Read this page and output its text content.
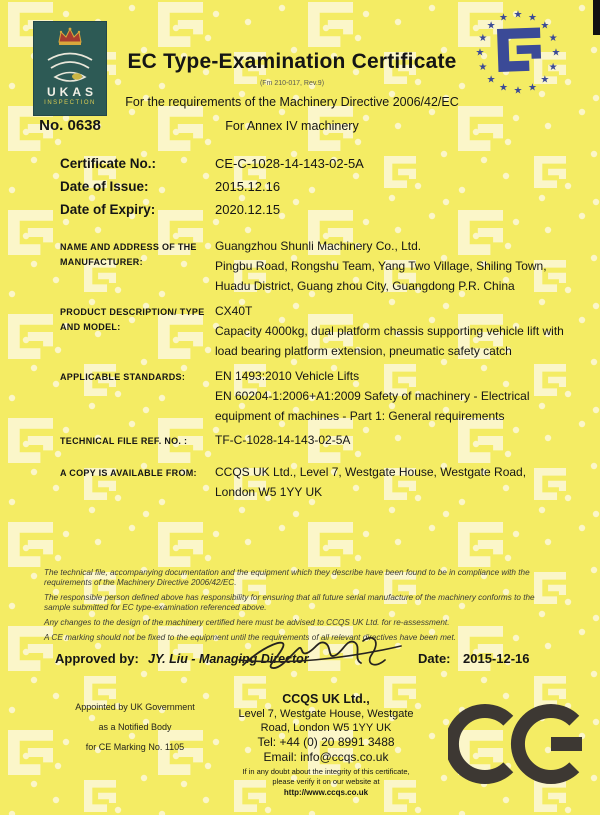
UKAS
INSPECTION
No. 0638
EC Type-Examination Certificate
(Fm 210-017, Rev.9)
For the requirements of the Machinery Directive 2006/42/EC
For Annex IV machinery
★ ★
★
★
★
★
★
★
★
★
★
★
★
★
★
★
Certificate No.:	CE-C-1028-14-143-02-5A
Date of Issue:	2015.12.16
Date of Expiry:	2020.12.15
NAME AND ADDRESS OF THE MANUFACTURER:
Guangzhou Shunli Machinery Co., Ltd.
Pingbu Road, Rongshu Team, Yang Two Village, Shiling Town,
Huadu District, Guang zhou City, Guangdong P.R. China
PRODUCT DESCRIPTION/ TYPE AND MODEL:
CX40T
Capacity 4000kg, dual platform chassis supporting vehicle lift with
load bearing platform extension, pneumatic safety catch
APPLICABLE STANDARDS:	EN 1493:2010 Vehicle Lifts
EN 60204-1:2006+A1:2009 Safety of machinery - Electrical
equipment of machines - Part 1: General requirements
TECHNICAL FILE REF. NO. :	TF-C-1028-14-143-02-5A
A COPY IS AVAILABLE FROM:	CCQS UK Ltd., Level 7, Westgate House, Westgate Road,
London W5 1YY UK

The technical file, accompanying documentation and the equipment which they describe have been found to be in compliance with the
requirements of the Machinery Directive 2006/42/EC.

The responsible person defined above has responsibility for ensuring that all future serial manufacture of the machinery conforms to the
sample submitted for EC type-examination referenced above.

Any changes to the design of the machinery certified here must be advised to CCQS UK Ltd. for re-assessment.

A CE marking should not be fixed to the equipment until the requirements of all relevant directives have been met.

Approved by: JY. Liu - Managing Director	Date: 2015-12-16
Appointed by UK Government
as a Notified Body
for CE Marking No. 1105
CCQS UK Ltd.,
Level 7, Westgate House, Westgate
Road, London W5 1YY UK
Tel: +44 (0) 20 8991 3488
Email: info@ccqs.co.uk
If in any doubt about the integrity of this certificate,
please verify it on our website at
http://www.ccqs.co.uk
